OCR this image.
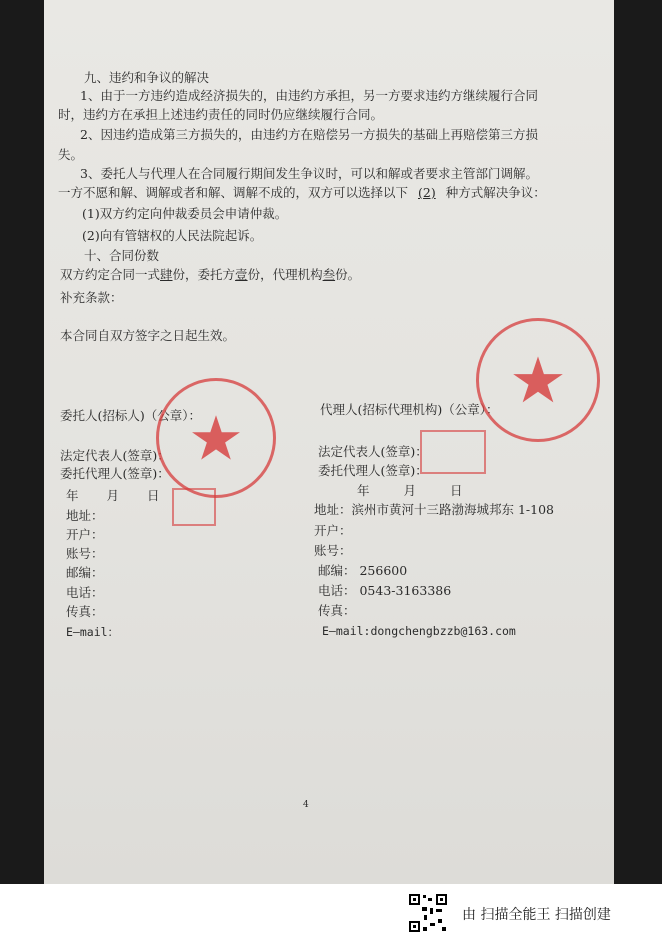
九、违约和争议的解决
1、由于一方违约造成经济损失的，由违约方承担，另一方要求违约方继续履行合同
时，违约方在承担上述违约责任的同时仍应继续履行合同。
2、因违约造成第三方损失的，由违约方在赔偿另一方损失的基础上再赔偿第三方损
失。
3、委托人与代理人在合同履行期间发生争议时，可以和解或者要求主管部门调解。
一方不愿和解、调解或者和解、调解不成的，双方可以选择以下 (2) 种方式解决争议：
(1)双方约定向仲裁委员会申请仲裁。
(2)向有管辖权的人民法院起诉。
十、合同份数
双方约定合同一式肆份，委托方壹份，代理机构叁份。
补充条款：
本合同自双方签字之日起生效。
委托人(招标人)（公章）：
法定代表人(签章)：
委托代理人(签章)：
年 月 日
地址：
开户：
账号：
邮编：
电话：
传真：
E—mail：
代理人(招标代理机构)（公章）：
法定代表人(签章)：
委托代理人(签章)：
年	月	日
地址：滨州市黄河十三路渤海城邦东 1-108
开户：
账号：
邮编： 256600
电话： 0543-3163386
传真：
E—mail:dongchengbzzb@163.com
4
由 扫描全能王 扫描创建
